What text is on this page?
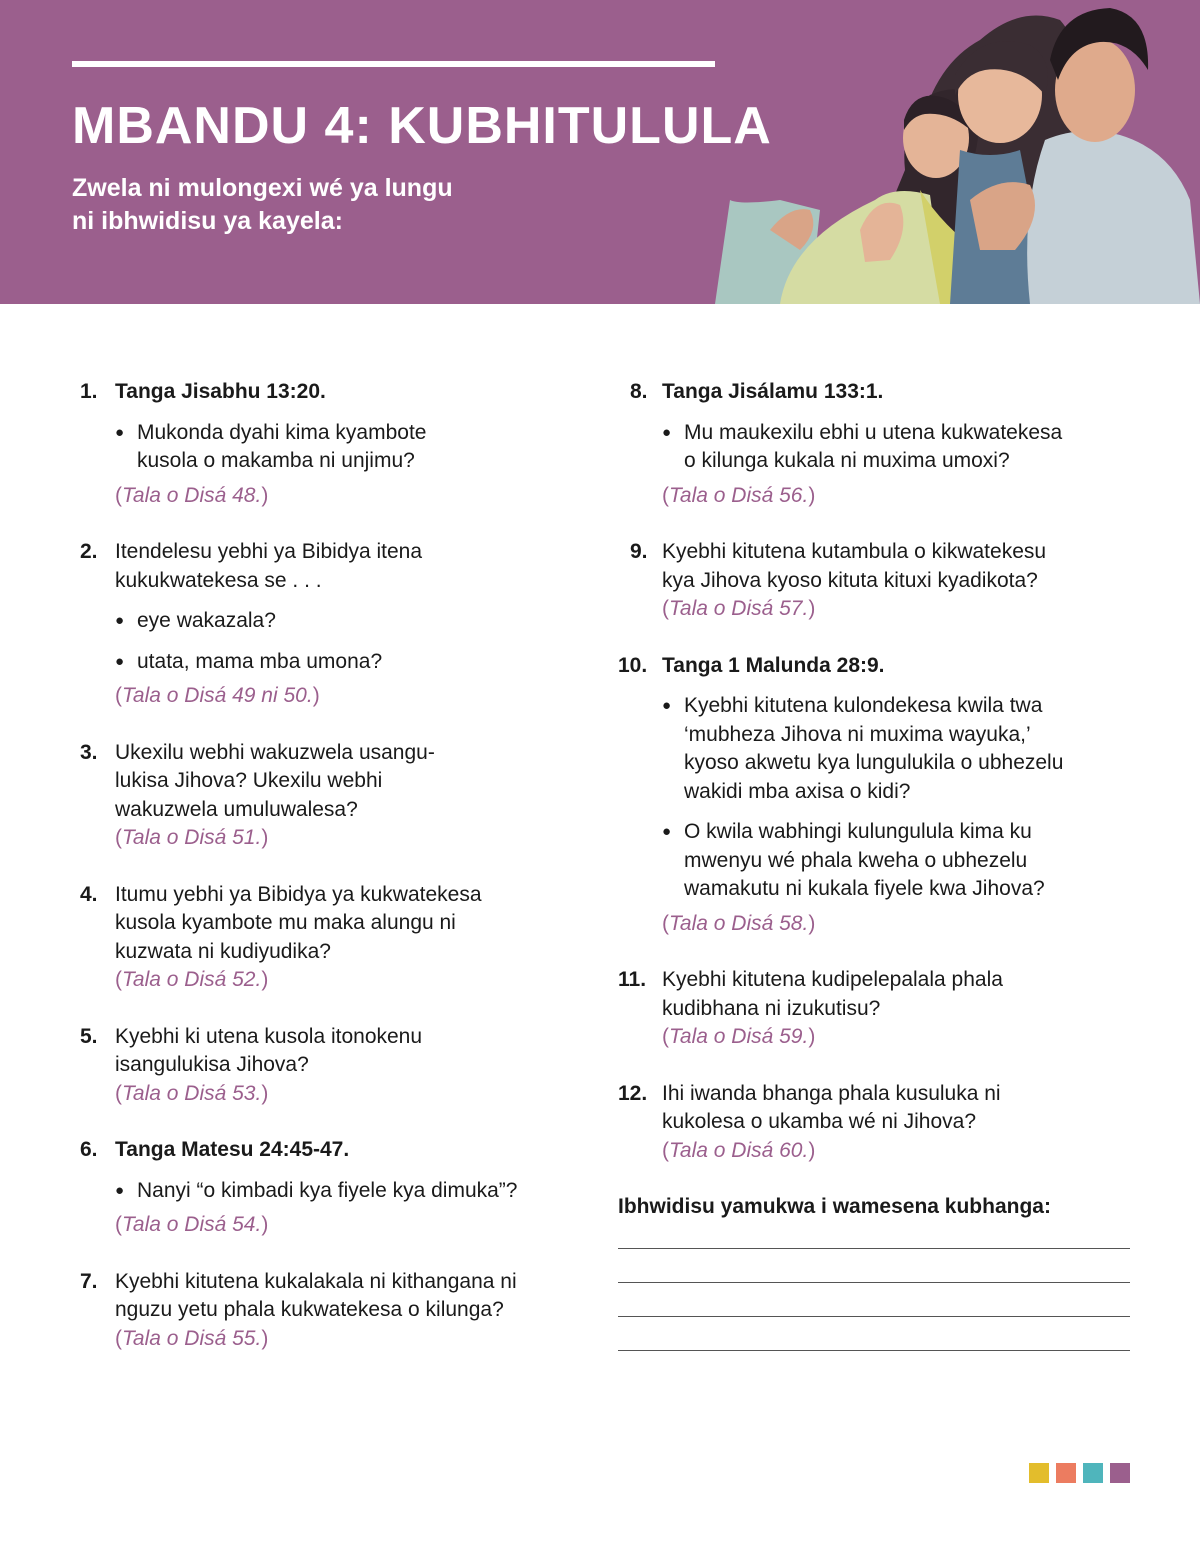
MBANDU 4: KUBHITULULA
Zwela ni mulongexi wé ya lungu
ni ibhwidisu ya kayela:
1. Tanga Jisabhu 13:20.
● Mukonda dyahi kima kyambote
kusola o makamba ni unjimu?
(Tala o Disá 48.)
2. Itendelesu yebhi ya Bibidya itena
kukukwatekesa se . . .
● eye wakazala?
● utata, mama mba umona?
(Tala o Disá 49 ni 50.)
3. Ukexilu webhi wakuzwela usangu-
lukisa Jihova? Ukexilu webhi
wakuzwela umuluwalesa?
(Tala o Disá 51.)
4. Itumu yebhi ya Bibidya ya kukwatekesa
kusola kyambote mu maka alungu ni
kuzwata ni kudiyudika?
(Tala o Disá 52.)
5. Kyebhi ki utena kusola itonokenu
isangulukisa Jihova?
(Tala o Disá 53.)
6. Tanga Matesu 24:45-47.
● Nanyi “o kimbadi kya fiyele kya dimuka”?
(Tala o Disá 54.)
7. Kyebhi kitutena kukalakala ni kithangana ni
nguzu yetu phala kukwatekesa o kilunga?
(Tala o Disá 55.)
8. Tanga Jisálamu 133:1.
● Mu maukexilu ebhi u utena kukwatekesa
o kilunga kukala ni muxima umoxi?
(Tala o Disá 56.)
9. Kyebhi kitutena kutambula o kikwatekesu
kya Jihova kyoso kituta kituxi kyadikota?
(Tala o Disá 57.)
10. Tanga 1 Malunda 28:9.
● Kyebhi kitutena kulondekesa kwila twa
‘mubheza Jihova ni muxima wayuka,’
kyoso akwetu kya lungulukila o ubhezelu
wakidi mba axisa o kidi?
● O kwila wabhingi kulungulula kima ku
mwenyu wé phala kweha o ubhezelu
wamakutu ni kukala fiyele kwa Jihova?
(Tala o Disá 58.)
11. Kyebhi kitutena kudipelepalala phala
kudibhana ni izukutisu?
(Tala o Disá 59.)
12. Ihi iwanda bhanga phala kusuluka ni
kukolesa o ukamba wé ni Jihova?
(Tala o Disá 60.)
Ibhwidisu yamukwa i wamesena kubhanga:
